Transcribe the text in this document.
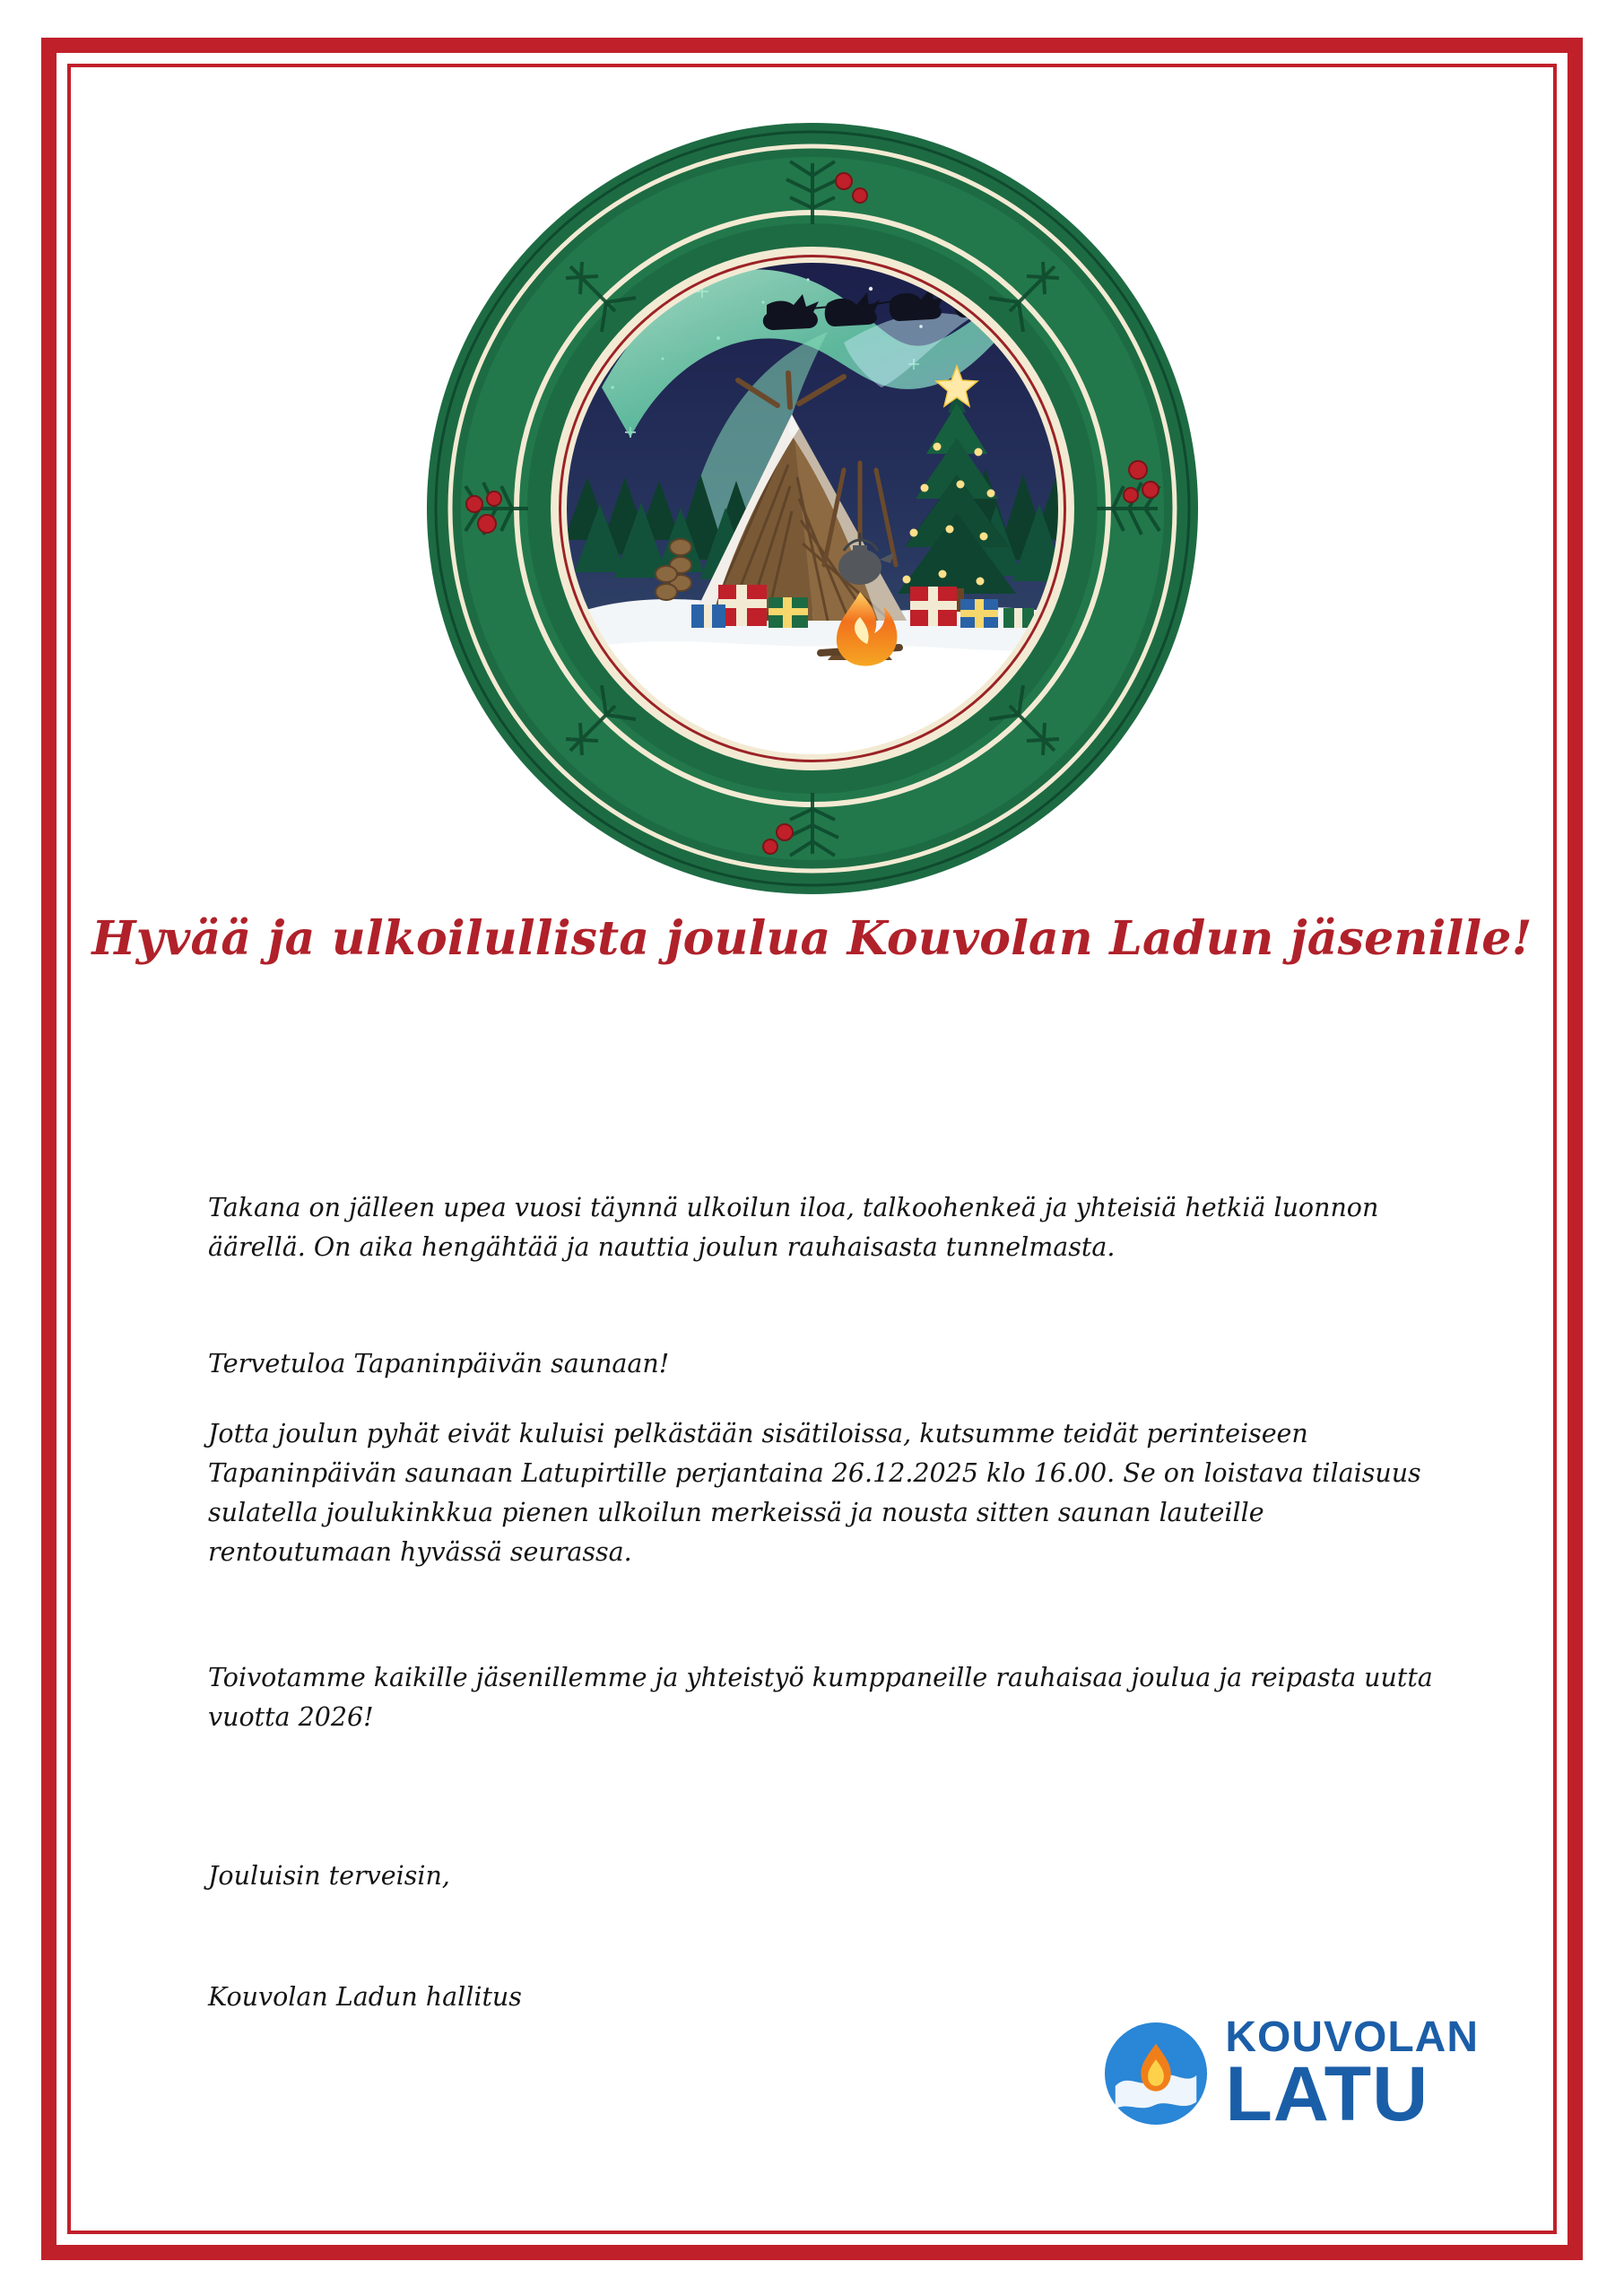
Hyvää ja ulkoilullista joulua Kouvolan Ladun jäsenille!

Takana on jälleen upea vuosi täynnä ulkoilun iloa, talkoohenkeä ja yhteisiä hetkiä luonnon äärellä. On aika hengähtää ja nauttia joulun rauhaisasta tunnelmasta.

Tervetuloa Tapaninpäivän saunaan!

Jotta joulun pyhät eivät kuluisi pelkästään sisätiloissa, kutsumme teidät perinteiseen Tapaninpäivän saunaan Latupirtille perjantaina 26.12.2025 klo 16.00. Se on loistava tilaisuus sulatella joulukinkkua pienen ulkoilun merkeissä ja nousta sitten saunan lauteille rentoutumaan hyvässä seurassa.

Toivotamme kaikille jäsenillemme ja yhteistyö kumppaneille rauhaisaa joulua ja reipasta uutta vuotta 2026!

Jouluisin terveisin,

Kouvolan Ladun hallitus

KOUVOLAN
LATU
